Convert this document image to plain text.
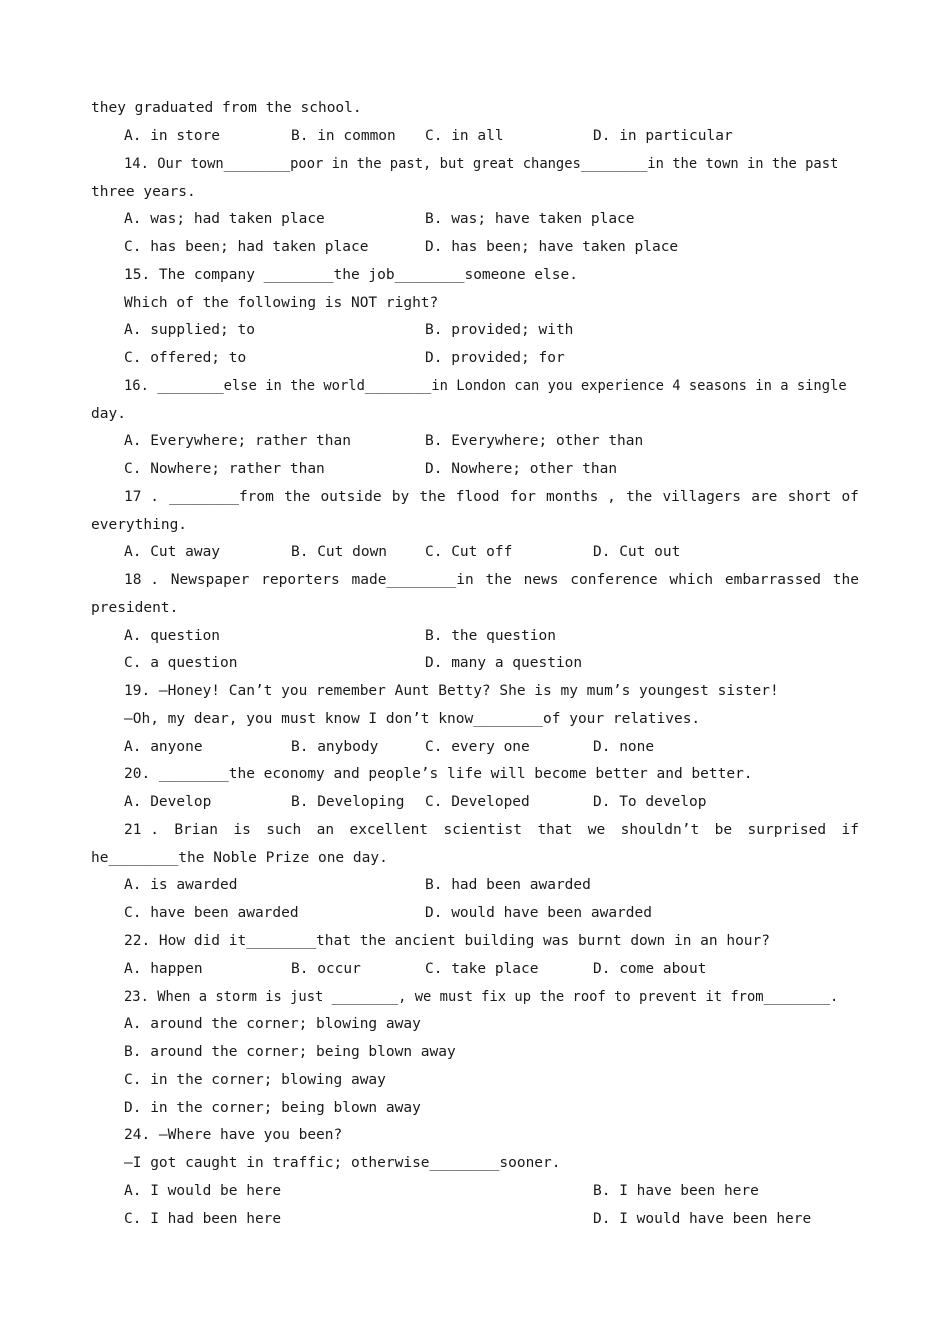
they graduated from the school.
A. in store	B. in common C. in all	D. in particular
14. Our town________poor in the past, but great changes________in the town in the past
three years.
A. was; had taken place	B. was; have taken place
C. has been; had taken place	D. has been; have taken place
15. The company ________the job________someone else.
Which of the following is NOT right?
A. supplied; to	B. provided; with
C. offered; to	D. provided; for
16. ________else in the world________in London can you experience 4 seasons in a single
day.
A. Everywhere; rather than	B. Everywhere; other than
C. Nowhere; rather than	D. Nowhere; other than
17 . ________from the outside by the flood for months , the villagers are short of
everything.
A. Cut away	B. Cut down	C. Cut off	D. Cut out
18 . Newspaper reporters made________in the news conference which embarrassed the
president.
A. question	B. the question
C. a question	D. many a question
19. —Honey! Can’t you remember Aunt Betty? She is my mum’s youngest sister!
—Oh, my dear, you must know I don’t know________of your relatives.
A. anyone	B. anybody	C. every one	D. none
20. ________the economy and people’s life will become better and better.
A. Develop	B. Developing C. Developed	D. To develop
21 . Brian is such an excellent scientist that we shouldn’t be surprised if
he________the Noble Prize one day.
A. is awarded	B. had been awarded
C. have been awarded	D. would have been awarded
22. How did it________that the ancient building was burnt down in an hour?
A. happen	B. occur	C. take place	D. come about
23. When a storm is just ________, we must fix up the roof to prevent it from________.
A. around the corner; blowing away
B. around the corner; being blown away
C. in the corner; blowing away
D. in the corner; being blown away
24. —Where have you been?
—I got caught in traffic; otherwise________sooner.
A. I would be here	B. I have been here
C. I had been here	D. I would have been here
